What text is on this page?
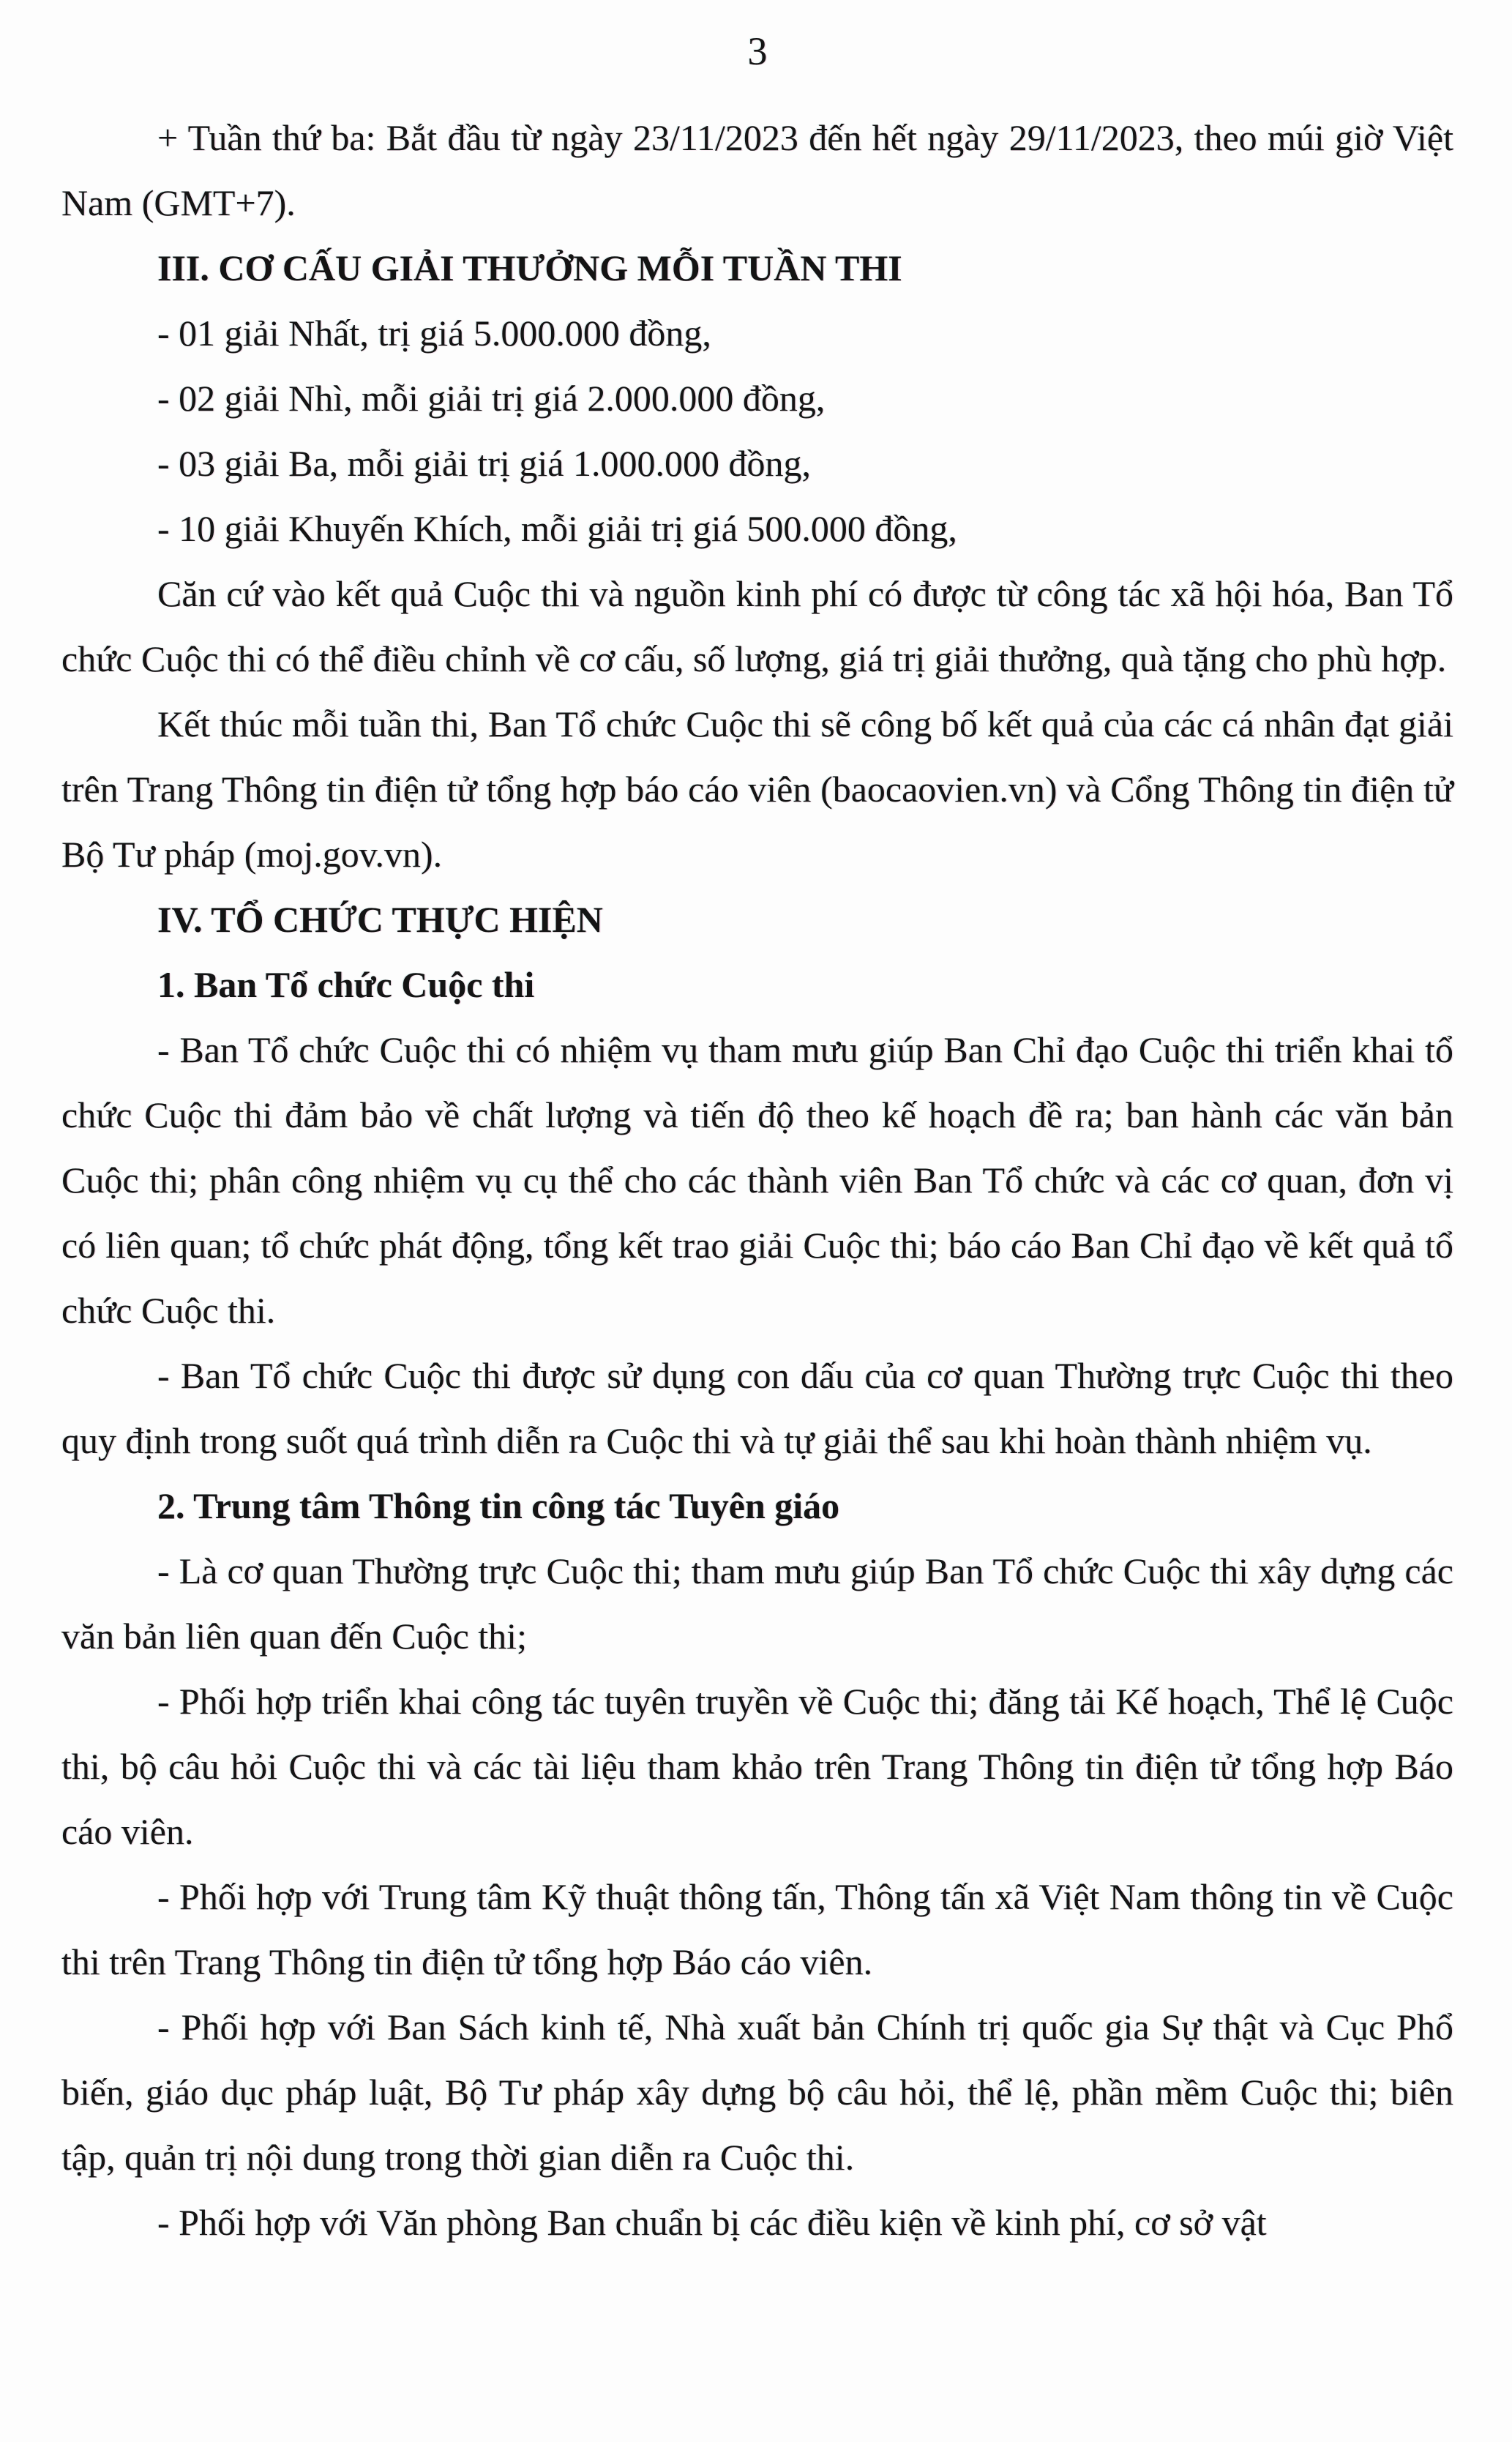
3

+ Tuần thứ ba: Bắt đầu từ ngày 23/11/2023 đến hết ngày 29/11/2023, theo múi giờ Việt Nam (GMT+7).

III. CƠ CẤU GIẢI THƯỞNG MỖI TUẦN THI

- 01 giải Nhất, trị giá 5.000.000 đồng,

- 02 giải Nhì, mỗi giải trị giá 2.000.000 đồng,

- 03 giải Ba, mỗi giải trị giá 1.000.000 đồng,

- 10 giải Khuyến Khích, mỗi giải trị giá 500.000 đồng,

Căn cứ vào kết quả Cuộc thi và nguồn kinh phí có được từ công tác xã hội hóa, Ban Tổ chức Cuộc thi có thể điều chỉnh về cơ cấu, số lượng, giá trị giải thưởng, quà tặng cho phù hợp.

Kết thúc mỗi tuần thi, Ban Tổ chức Cuộc thi sẽ công bố kết quả của các cá nhân đạt giải trên Trang Thông tin điện tử tổng hợp báo cáo viên (baocaovien.vn) và Cổng Thông tin điện tử Bộ Tư pháp (moj.gov.vn).

IV. TỔ CHỨC THỰC HIỆN

1. Ban Tổ chức Cuộc thi

- Ban Tổ chức Cuộc thi có nhiệm vụ tham mưu giúp Ban Chỉ đạo Cuộc thi triển khai tổ chức Cuộc thi đảm bảo về chất lượng và tiến độ theo kế hoạch đề ra; ban hành các văn bản Cuộc thi; phân công nhiệm vụ cụ thể cho các thành viên Ban Tổ chức và các cơ quan, đơn vị có liên quan; tổ chức phát động, tổng kết trao giải Cuộc thi; báo cáo Ban Chỉ đạo về kết quả tổ chức Cuộc thi.

- Ban Tổ chức Cuộc thi được sử dụng con dấu của cơ quan Thường trực Cuộc thi theo quy định trong suốt quá trình diễn ra Cuộc thi và tự giải thể sau khi hoàn thành nhiệm vụ.

2. Trung tâm Thông tin công tác Tuyên giáo

- Là cơ quan Thường trực Cuộc thi; tham mưu giúp Ban Tổ chức Cuộc thi xây dựng các văn bản liên quan đến Cuộc thi;

- Phối hợp triển khai công tác tuyên truyền về Cuộc thi; đăng tải Kế hoạch, Thể lệ Cuộc thi, bộ câu hỏi Cuộc thi và các tài liệu tham khảo trên Trang Thông tin điện tử tổng hợp Báo cáo viên.

- Phối hợp với Trung tâm Kỹ thuật thông tấn, Thông tấn xã Việt Nam thông tin về Cuộc thi trên Trang Thông tin điện tử tổng hợp Báo cáo viên.

- Phối hợp với Ban Sách kinh tế, Nhà xuất bản Chính trị quốc gia Sự thật và Cục Phổ biến, giáo dục pháp luật, Bộ Tư pháp xây dựng bộ câu hỏi, thể lệ, phần mềm Cuộc thi; biên tập, quản trị nội dung trong thời gian diễn ra Cuộc thi.

- Phối hợp với Văn phòng Ban chuẩn bị các điều kiện về kinh phí, cơ sở vật
